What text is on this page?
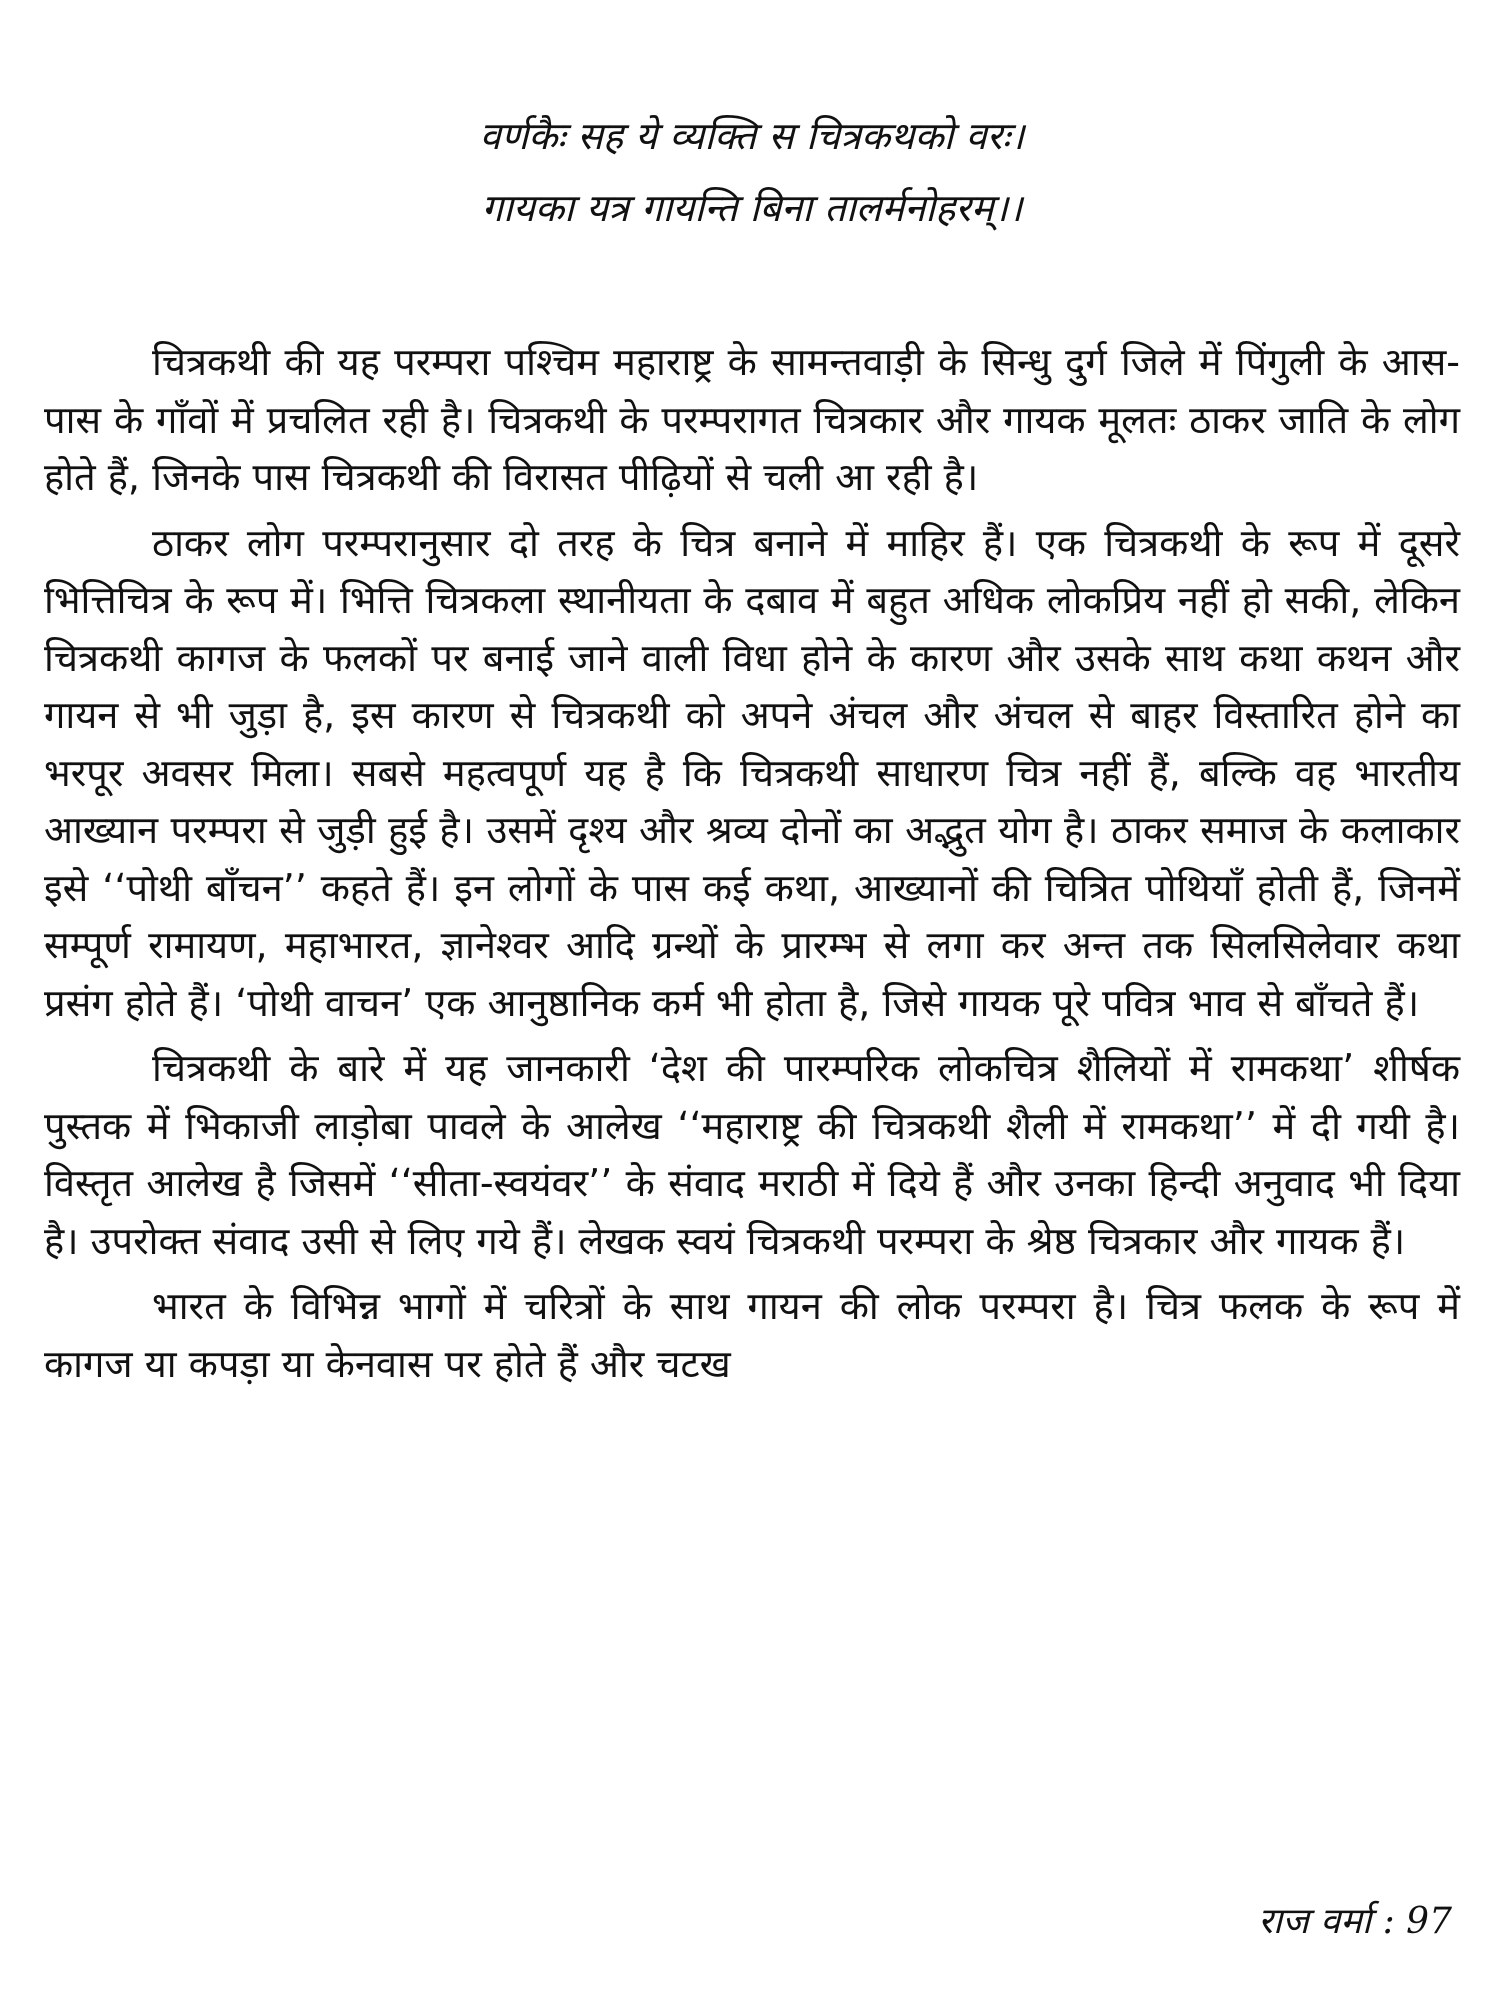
वर्णकैः सह ये व्यक्ति स चित्रकथको वरः।
गायका यत्र गायन्ति बिना तालर्मनोहरम्।।

चित्रकथी की यह परम्परा पश्चिम महाराष्ट्र के सामन्तवाड़ी के सिन्धु दुर्ग जिले में पिंगुली के आस-पास के गाँवों में प्रचलित रही है। चित्रकथी के परम्परागत चित्रकार और गायक मूलतः ठाकर जाति के लोग होते हैं, जिनके पास चित्रकथी की विरासत पीढ़ियों से चली आ रही है।

ठाकर लोग परम्परानुसार दो तरह के चित्र बनाने में माहिर हैं। एक चित्रकथी के रूप में दूसरे भित्तिचित्र के रूप में। भित्ति चित्रकला स्थानीयता के दबाव में बहुत अधिक लोकप्रिय नहीं हो सकी, लेकिन चित्रकथी कागज के फलकों पर बनाई जाने वाली विधा होने के कारण और उसके साथ कथा कथन और गायन से भी जुड़ा है, इस कारण से चित्रकथी को अपने अंचल और अंचल से बाहर विस्तारित होने का भरपूर अवसर मिला। सबसे महत्वपूर्ण यह है कि चित्रकथी साधारण चित्र नहीं हैं, बल्कि वह भारतीय आख्यान परम्परा से जुड़ी हुई है। उसमें दृश्य और श्रव्य दोनों का अद्भुत योग है। ठाकर समाज के कलाकार इसे ‘‘पोथी बाँचन’’ कहते हैं। इन लोगों के पास कई कथा, आख्यानों की चित्रित पोथियाँ होती हैं, जिनमें सम्पूर्ण रामायण, महाभारत, ज्ञानेश्वर आदि ग्रन्थों के प्रारम्भ से लगा कर अन्त तक सिलसिलेवार कथा प्रसंग होते हैं। ‘पोथी वाचन’ एक आनुष्ठानिक कर्म भी होता है, जिसे गायक पूरे पवित्र भाव से बाँचते हैं।

चित्रकथी के बारे में यह जानकारी ‘देश की पारम्परिक लोकचित्र शैलियों में रामकथा’ शीर्षक पुस्तक में भिकाजी लाड़ोबा पावले के आलेख ‘‘महाराष्ट्र की चित्रकथी शैली में रामकथा’’ में दी गयी है। विस्तृत आलेख है जिसमें ‘‘सीता-स्वयंवर’’ के संवाद मराठी में दिये हैं और उनका हिन्दी अनुवाद भी दिया है। उपरोक्त संवाद उसी से लिए गये हैं। लेखक स्वयं चित्रकथी परम्परा के श्रेष्ठ चित्रकार और गायक हैं।

भारत के विभिन्न भागों में चरित्रों के साथ गायन की लोक परम्परा है। चित्र फलक के रूप में कागज या कपड़ा या केनवास पर होते हैं और चटख

राज वर्मा : 97
